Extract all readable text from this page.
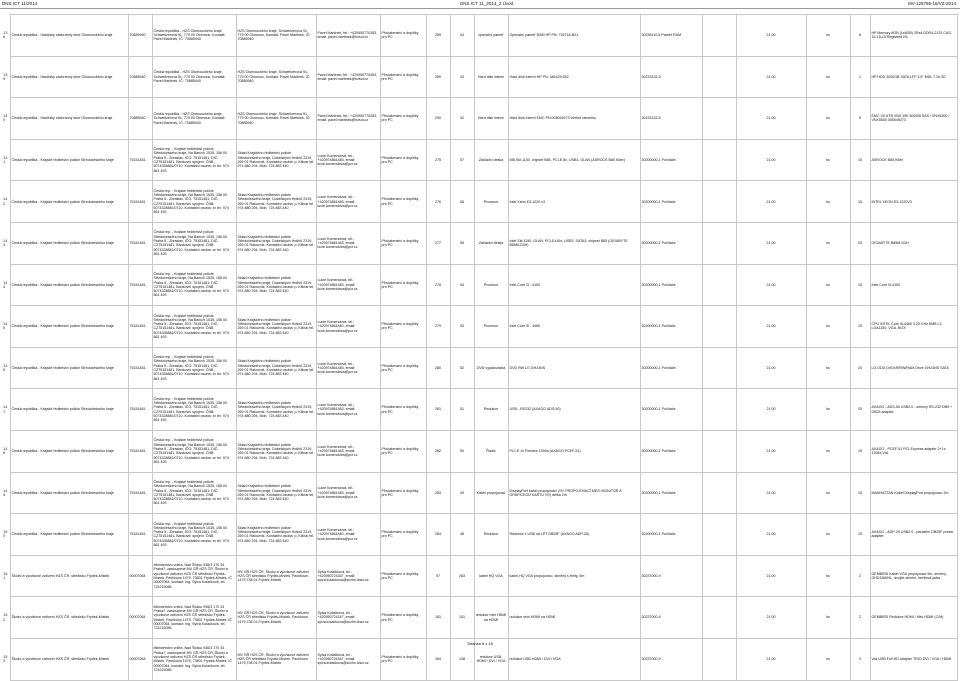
DNS ICT 11/2014	DNS ICT 11_2014_2 Úvod	MV-128755-16/VZ-2014
138	Česká republika - Hasičský záchranný sbor Olomouckého kraje	70885940	Česká republika - HZS Olomouckého kraje, Schweitzerova 91, 779 00 Olomouc, Kontakt: Pavel Martinek, IČ: 70885940	HZS Olomouckého kraje, Schweitzerova 91, 779 00 Olomouc, Kontakt: Pavel Martinek, IČ: 70885940	Pavel Martinek, tel.: +420950770283, email: pavel.martinek@hzsol.cz	Příslušenství a doplňky pro PC	289	44	operační paměť	Operační paměť RAM HP PN: 726718-B21	30236110-6 Paměť RAM		21.00	ks	6	HP Memory 8GB (1x8GB) 2Rx4 DDR4-2133 CAS-15-15-15 Registred Kit
139	Česká republika - Hasičský záchranný sbor Olomouckého kraje	70885940	Česká republika - HZS Olomouckého kraje, Schweitzerova 91, 779 00 Olomouc, Kontakt: Pavel Martinek, IČ: 70885940	HZS Olomouckého kraje, Schweitzerova 91, 779 00 Olomouc, Kontakt: Pavel Martinek, IČ: 70885940	Pavel Martinek, tel.: +420950770283, email: pavel.martinek@hzsol.cz	Příslušenství a doplňky pro PC	289	43	Hard disk interní	Hard disk interní HP PN: 484429-002	30233132-5		21.00	ks	1	HP HDD 3000GB SATA LFF 3.5" MDL 7.2k 3G
140	Česká republika - Hasičský záchranný sbor Olomouckého kraje	70885940	Česká republika - HZS Olomouckého kraje, Schweitzerova 91, 779 00 Olomouc, Kontakt: Pavel Martinek, IČ: 70885940	HZS Olomouckého kraje, Schweitzerova 91, 779 00 Olomouc, Kontakt: Pavel Martinek, IČ: 70885940	Pavel Martinek, tel.: +420950770283, email: pavel.martinek@hzsol.cz	Příslušenství a doplňky pro PC	290	42	Hard disk interní	Hard disk interní EMC PN:005049273 včetně rámečku	30233132-5		21.00	ks	5	EMC VX 6TB VNX 15K 600GB SAS / VNX5300 / VNX5500 005049273
141	Česká republika - Krajské ředitelství policie Středočeského kraje	75151481	Česká rep. - Krajské ředitelství policie Středočeského kraje, Na Baních 1535, 156 00 Praha 5 - Zbraslav, IČO: 75151481, DIČ: CZ75151481, Bankovní spojení: ČNB 5074328881/0710. Kontaktní osoba: xx tel. 974 861 493	Sklad Krajského ředitelství policie Středočeského kraje, Dukelských Hrdinů 2319, 269 01 Rakovník, Kontaktní osoba: p. Kilinar tel. 974 880 294, Mob. 724 883 440	Lucie Komendová, tel.: +420974861483, email: lucie.komendova@pcr.cz	Příslušenství a doplňky pro PC	275	57	Základní deska	MB Skt.1150, chipset B85, PCI-E 8x, USB3, GLAN (ASROCK B85 Killer)	30200000-1 Počítače		21.00	ks	15	ASROCK B85 Killer
142	Česká republika - Krajské ředitelství policie Středočeského kraje	75151481	Česká rep. - Krajské ředitelství policie Středočeského kraje, Na Baních 1535, 156 00 Praha 5 - Zbraslav, IČO: 75151481, DIČ: CZ75151481, Bankovní spojení: ČNB 5074328881/0710. Kontaktní osoba: xx tel. 974 861 493	Sklad Krajského ředitelství policie Středočeského kraje, Dukelských Hrdinů 2319, 269 01 Rakovník, Kontaktní osoba: p. Kilinar tel. 974 880 294, Mob. 724 883 440	Lucie Komendová, tel.: +420974861483, email: lucie.komendova@pcr.cz	Příslušenství a doplňky pro PC	276	56	Procesor	Intel Xeon E3-1220 v3	30200000-1 Počítače		21.00	ks	15	INTEL XEON E3-1220V3
143	Česká republika - Krajské ředitelství policie Středočeského kraje	75151481	Česká rep. - Krajské ředitelství policie Středočeského kraje, Na Baních 1535, 156 00 Praha 5 - Zbraslav, IČO: 75151481, DIČ: CZ75151481, Bankovní spojení: ČNB 5074328881/0710. Kontaktní osoba: xx tel. 974 861 493	Sklad Krajského ředitelství policie Středočeského kraje, Dukelských Hrdinů 2319, 269 01 Rakovník, Kontaktní osoba: p. Kilinar tel. 974 880 294, Mob. 724 883 440	Lucie Komendová, tel.: +420974861483, email: lucie.komendova@pcr.cz	Příslušenství a doplňky pro PC	277	55	Základní deska	Intel Skt.1150, GLAN, PCI-Ex16x, USB3, SATA3, chipset B85 (GIGABYTE B85M-D3H)	30200000-1 Počítače		21.00	ks	20	GIGABYTE B85M-D3H
144	Česká republika - Krajské ředitelství policie Středočeského kraje	75151481	Česká rep. - Krajské ředitelství policie Středočeského kraje, Na Baních 1535, 156 00 Praha 5 - Zbraslav, IČO: 75151481, DIČ: CZ75151481, Bankovní spojení: ČNB 5074328881/0710. Kontaktní osoba: xx tel. 974 861 493	Sklad Krajského ředitelství policie Středočeského kraje, Dukelských Hrdinů 2319, 269 01 Rakovník, Kontaktní osoba: p. Kilinar tel. 974 880 294, Mob. 724 883 440	Lucie Komendová, tel.: +420974861483, email: lucie.komendova@pcr.cz	Příslušenství a doplňky pro PC	278	54	Procesor	Intel Core i3 - 4150	30200000-1 Počítače		21.00	ks	15	Intel Core i3-4150
145	Česká republika - Krajské ředitelství policie Středočeského kraje	75151481	Česká rep. - Krajské ředitelství policie Středočeského kraje, Na Baních 1535, 156 00 Praha 5 - Zbraslav, IČO: 75151481, DIČ: CZ75151481, Bankovní spojení: ČNB 5074328881/0710. Kontaktní osoba: xx tel. 974 861 493	Sklad Krajského ředitelství policie Středočeského kraje, Dukelských Hrdinů 2319, 269 01 Rakovník, Kontaktní osoba: p. Kilinar tel. 974 880 294, Mob. 724 883 440	Lucie Komendová, tel.: +420974861483, email: lucie.komendova@pcr.cz	Příslušenství a doplňky pro PC	279	53	Procesor	Intel Core i5 - 4460	30200000-1 Počítače		21.00	ks	15	CPU INTEL Core i5-4460 3.20 GHz 6MB L3 LGA1150, VGA, BOX
146	Česká republika - Krajské ředitelství policie Středočeského kraje	75151481	Česká rep. - Krajské ředitelství policie Středočeského kraje, Na Baních 1535, 156 00 Praha 5 - Zbraslav, IČO: 75151481, DIČ: CZ75151481, Bankovní spojení: ČNB 5074328881/0710. Kontaktní osoba: xx tel. 974 861 493	Sklad Krajského ředitelství policie Středočeského kraje, Dukelských Hrdinů 2319, 269 01 Rakovník, Kontaktní osoba: p. Kilinar tel. 974 880 294, Mob. 724 883 440	Lucie Komendová, tel.: +420974861483, email: lucie.komendova@pcr.cz	Příslušenství a doplňky pro PC	280	52	DVD vypalovačka	DVD RW LG GH24NS	30200000-1 Počítače		21.00	ks	20	LG ODD DVD±R/RW/RAM Drive GH24NS SATA
147	Česká republika - Krajské ředitelství policie Středočeského kraje	75151481	Česká rep. - Krajské ředitelství policie Středočeského kraje, Na Baních 1535, 156 00 Praha 5 - Zbraslav, IČO: 75151481, DIČ: CZ75151481, Bankovní spojení: ČNB 5074328881/0710. Kontaktní osoba: xx tel. 974 861 493	Sklad Krajského ředitelství policie Středočeského kraje, Dukelských Hrdinů 2319, 269 01 Rakovník, Kontaktní osoba: p. Kilinar tel. 974 880 294, Mob. 724 883 440	Lucie Komendová, tel.: +420974861483, email: lucie.komendova@pcr.cz	Příslušenství a doplňky pro PC	281	51	Redukce	USB - RS232 (AXAGO ADS-50)	30200000-1 Počítače		21.00	ks	20	AXAGO - ADS-50 USB2.0 - sériový RS-232 DB9 + DB25 adaptér
148	Česká republika - Krajské ředitelství policie Středočeského kraje	75151481	Česká rep. - Krajské ředitelství policie Středočeského kraje, Na Baních 1535, 156 00 Praha 5 - Zbraslav, IČO: 75151481, DIČ: CZ75151481, Bankovní spojení: ČNB 5074328881/0710. Kontaktní osoba: xx tel. 974 861 493	Sklad Krajského ředitelství policie Středočeského kraje, Dukelských Hrdinů 2319, 269 01 Rakovník, Kontaktní osoba: p. Kilinar tel. 974 880 294, Mob. 724 883 440	Lucie Komendová, tel.: +420974861483, email: lucie.komendova@pcr.cz	Příslušenství a doplňky pro PC	282	50	Řadič	PCI-E 1x Firewire 1394a (AXAGO PCEF-51)	30200000-1 Počítače		21.00	ks	15	AXAGO - PCEF-51 PCI-Express adaptér 2+1x 1394a VIA
149	Česká republika - Krajské ředitelství policie Středočeského kraje	75151481	Česká rep. - Krajské ředitelství policie Středočeského kraje, Na Baních 1535, 156 00 Praha 5 - Zbraslav, IČO: 75151481, DIČ: CZ75151481, Bankovní spojení: ČNB 5074328881/0710. Kontaktní osoba: xx tel. 974 861 493	Sklad Krajského ředitelství policie Středočeského kraje, Dukelských Hrdinů 2319, 269 01 Rakovník, Kontaktní osoba: p. Kilinar tel. 974 880 294, Mob. 724 883 440	Lucie Komendová, tel.: +420974861483, email: lucie.komendova@pcr.cz	Příslušenství a doplňky pro PC	283	49	Kabel propojovací	DisplayPort kabel propojovací (!!!!! PROPOJOVACÍ MEZI MONITOR A GRAFICKOU KARTU !!!!!) délka 2m	30200000-1 Počítače		21.00	ks	15	MANHATTAN Kabel DisplayPort propojovací 2m
150	Česká republika - Krajské ředitelství policie Středočeského kraje	75151481	Česká rep. - Krajské ředitelství policie Středočeského kraje, Na Baních 1535, 156 00 Praha 5 - Zbraslav, IČO: 75151481, DIČ: CZ75151481, Bankovní spojení: ČNB 5074328881/0710. Kontaktní osoba: xx tel. 974 861 493	Sklad Krajského ředitelství policie Středočeského kraje, Dukelských Hrdinů 2319, 269 01 Rakovník, Kontaktní osoba: p. Kilinar tel. 974 880 294, Mob. 724 883 440	Lucie Komendová, tel.: +420974861483, email: lucie.komendova@pcr.cz	Příslušenství a doplňky pro PC	284	48	Redukce	Redukce z USB na LPT DB25F (AXAGO ADP-25)	30200000-1 Počítače		21.00	ks	15	AXAGO - ADP-25 USB2.0 - paralelní DB25F printer adaptér
151	Školní a výcvikové zařízení HZS ČR, středisko Frýdek-Místek	00007064	Ministerstvo vnitra, Nad Štolou 936/3 170 34 Praha7, zastoupené MV GŘ HZS ČR, Školní a výcvikové zařízení HZS ČR středisko Frýdek-Místek, Pavlíkova 1479, 73801 Frýdek-Místek, IČ 00007064, kontakt: Ing. Sylva Kotačková, tel. 724215086	MV GŘ HZS ČR, Školní a výcvikové zařízení HZS ČR středisko Frýdek-Místek, Pavlíkova 1479,738 01 Frýdek-Místek	Sylva Kotačková, tel.: +420950724347, email: sylva.kotackova@svzhn.izscr.cz	Příslušenství a doplňky pro PC	97	283	kabel HQ VGA	kabel HQ VGA propojovací, stíněný s ferity, 5m	30237000-9		21.00	ks	2	GEMBIRD Kabel VGA propojovací 5m, stíněný, GHD15M/HL, dvojité stínění, ferritová jádra
152	Školní a výcvikové zařízení HZS ČR, středisko Frýdek-Místek	00007064	Ministerstvo vnitra, Nad Štolou 936/3 170 34 Praha7, zastoupené MV GŘ HZS ČR, Školní a výcvikové zařízení HZS ČR středisko Frýdek-Místek, Pavlíkova 1479, 73801 Frýdek-Místek, IČ 00007064, kontakt: Ing. Sylva Kotačková, tel. 724215086	MV GŘ HZS ČR, Školní a výcvikové zařízení HZS ČR středisko Frýdek-Místek, Pavlíkova 1479,738 01 Frýdek-Místek	Sylva Kotačková, tel.: +420950724347, email: sylva.kotackova@svzhn.izscr.cz	Příslušenství a doplňky pro PC	181	151	redukce mini HDMI na HDMI	redukce mini HDMI na HDMI	30237000-9		21.00	ks	2	GEMBIRD Redukce HDMI / Mini HDMI (C/M)
153	Školní a výcvikové zařízení HZS ČR, středisko Frýdek-Místek	00007064	Ministerstvo vnitra, Nad Štolou 936/3 170 34 Praha7, zastoupené MV GŘ HZS ČR, Školní a výcvikové zařízení HZS ČR středisko Frýdek-Místek, Pavlíkova 1479, 73801 Frýdek-Místek, IČ 00007064, kontakt: Ing. Sylva Kotačková, tel. 724215086	MV GŘ HZS ČR, Školní a výcvikové zařízení HZS ČR středisko Frýdek-Místek, Pavlíkova 1479,738 01 Frýdek-Místek	Sylva Kotačková, tel.: +420950724347, email: sylva.kotackova@svzhn.izscr.cz	Příslušenství a doplňky pro PC	184	148	redukce USB-HDMI / DVI / VGA	redukce USB-HDMI / DVI / VGA	30237000-9		21.00	ks	2	Vaz USB Full HD Adapter TRIO DVI / VGA / HDMI
Stránka 6 z 18
